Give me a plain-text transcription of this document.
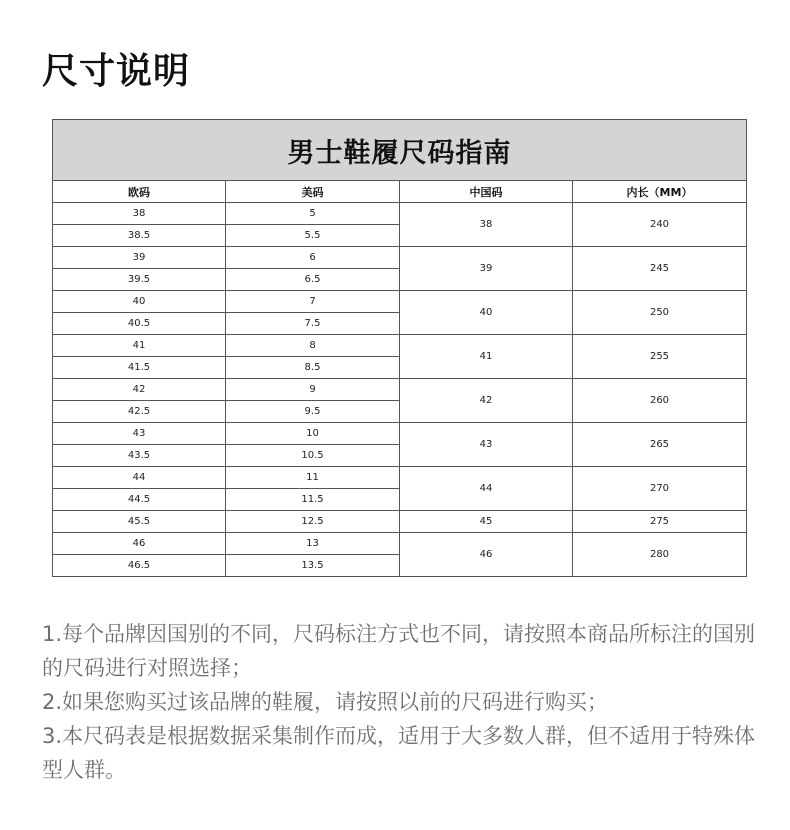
尺寸说明
男士鞋履尺码指南			
欧码	美码	中国码	内长（MM）
38	5	38	240
38.5	5.5		
39	6	39	245
39.5	6.5		
40	7	40	250
40.5	7.5		
41	8	41	255
41.5	8.5		
42	9	42	260
42.5	9.5		
43	10	43	265
43.5	10.5		
44	11	44	270
44.5	11.5		
45.5	12.5	45	275
46	13	46	280
46.5	13.5		

1.每个品牌因国别的不同，尺码标注方式也不同，请按照本商品所标注的国别的尺码进行对照选择；

2.如果您购买过该品牌的鞋履，请按照以前的尺码进行购买；

3.本尺码表是根据数据采集制作而成，适用于大多数人群，但不适用于特殊体型人群。
